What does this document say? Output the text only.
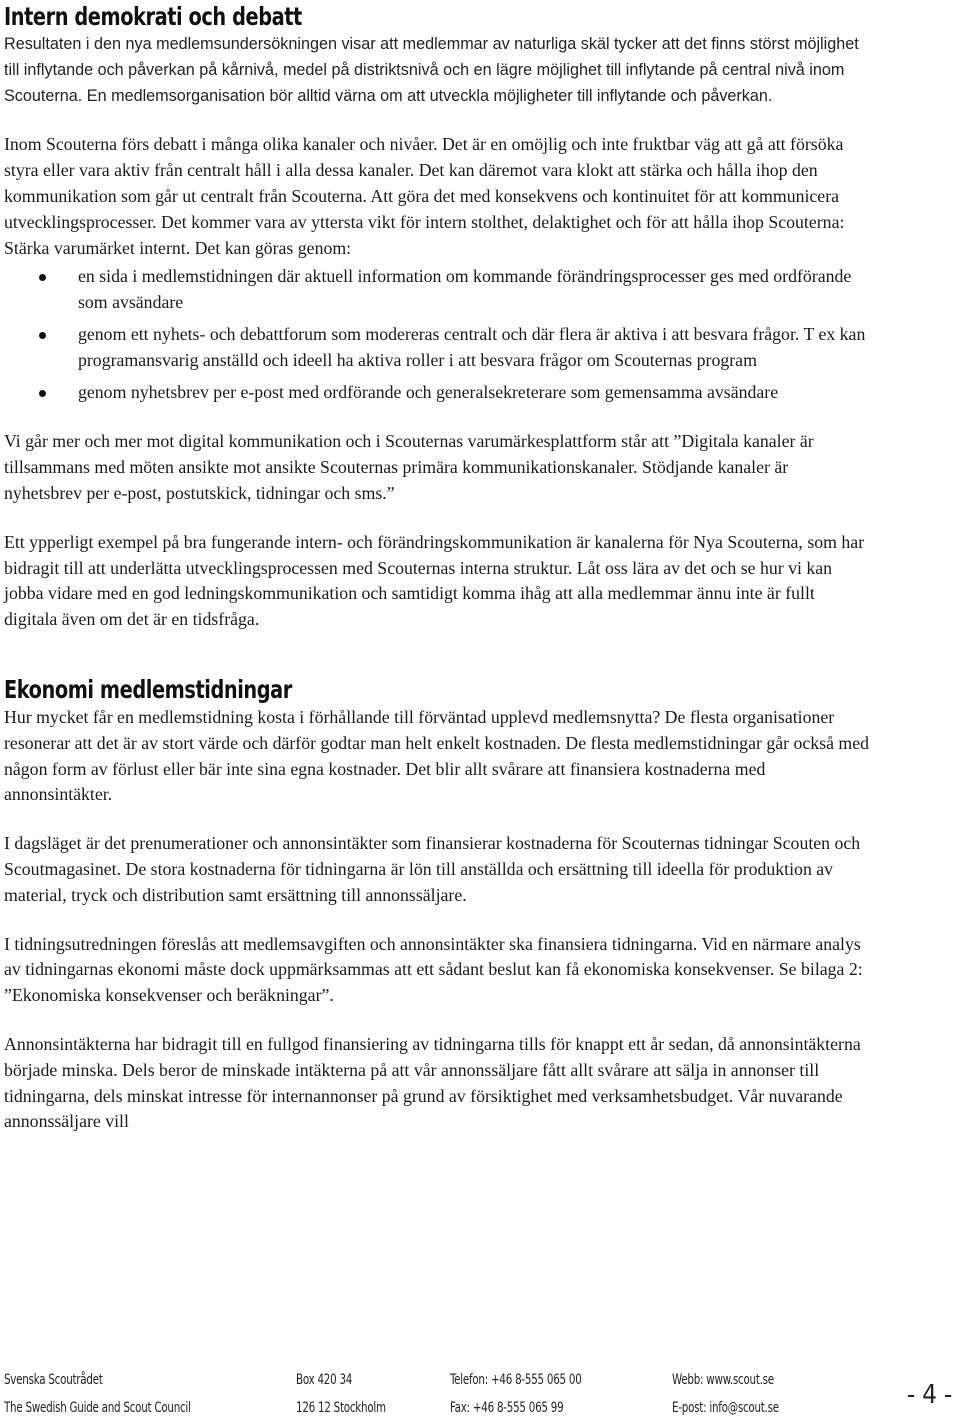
Intern demokrati och debatt

Resultaten i den nya medlemsundersökningen visar att medlemmar av naturliga skäl tycker att det finns störst möjlighet till inflytande och påverkan på kårnivå, medel på distriktsnivå och en lägre möjlighet till inflytande på central nivå inom Scouterna. En medlemsorganisation bör alltid värna om att utveckla möjligheter till inflytande och påverkan.

Inom Scouterna förs debatt i många olika kanaler och nivåer. Det är en omöjlig och inte fruktbar väg att gå att försöka styra eller vara aktiv från centralt håll i alla dessa kanaler. Det kan däremot vara klokt att stärka och hålla ihop den kommunikation som går ut centralt från Scouterna. Att göra det med konsekvens och kontinuitet för att kommunicera utvecklingsprocesser. Det kommer vara av yttersta vikt för intern stolthet, delaktighet och för att hålla ihop Scouterna: Stärka varumärket internt. Det kan göras genom:

en sida i medlemstidningen där aktuell information om kommande förändringsprocesser ges med ordförande som avsändare
genom ett nyhets- och debattforum som modereras centralt och där flera är aktiva i att besvara frågor. T ex kan programansvarig anställd och ideell ha aktiva roller i att besvara frågor om Scouternas program
genom nyhetsbrev per e-post med ordförande och generalsekreterare som gemensamma avsändare

Vi går mer och mer mot digital kommunikation och i Scouternas varumärkesplattform står att ”Digitala kanaler är tillsammans med möten ansikte mot ansikte Scouternas primära kommunikationskanaler. Stödjande kanaler är nyhetsbrev per e-post, postutskick, tidningar och sms.”

Ett ypperligt exempel på bra fungerande intern- och förändringskommunikation är kanalerna för Nya Scouterna, som har bidragit till att underlätta utvecklingsprocessen med Scouternas interna struktur. Låt oss lära av det och se hur vi kan jobba vidare med en god ledningskommunikation och samtidigt komma ihåg att alla medlemmar ännu inte är fullt digitala även om det är en tidsfråga.

Ekonomi medlemstidningar

Hur mycket får en medlemstidning kosta i förhållande till förväntad upplevd medlemsnytta? De flesta organisationer resonerar att det är av stort värde och därför godtar man helt enkelt kostnaden. De flesta medlemstidningar går också med någon form av förlust eller bär inte sina egna kostnader. Det blir allt svårare att finansiera kostnaderna med annonsintäkter.

I dagsläget är det prenumerationer och annonsintäkter som finansierar kostnaderna för Scouternas tidningar Scouten och Scoutmagasinet. De stora kostnaderna för tidningarna är lön till anställda och ersättning till ideella för produktion av material, tryck och distribution samt ersättning till annonssäljare.

I tidningsutredningen föreslås att medlemsavgiften och annonsintäkter ska finansiera tidningarna. Vid en närmare analys av tidningarnas ekonomi måste dock uppmärksammas att ett sådant beslut kan få ekonomiska konsekvenser. Se bilaga 2: ”Ekonomiska konsekvenser och beräkningar”.

Annonsintäkterna har bidragit till en fullgod finansiering av tidningarna tills för knappt ett år sedan, då annonsintäkterna började minska. Dels beror de minskade intäkterna på att vår annonssäljare fått allt svårare att sälja in annonser till tidningarna, dels minskat intresse för internannonser på grund av försiktighet med verksamhetsbudget. Vår nuvarande annonssäljare vill

Svenska Scoutrådet
The Swedish Guide and Scout Council
Box 420 34
126 12 Stockholm
Telefon: +46 8-555 065 00
Fax: +46 8-555 065 99
Webb: www.scout.se
E-post: info@scout.se	- 4 -
